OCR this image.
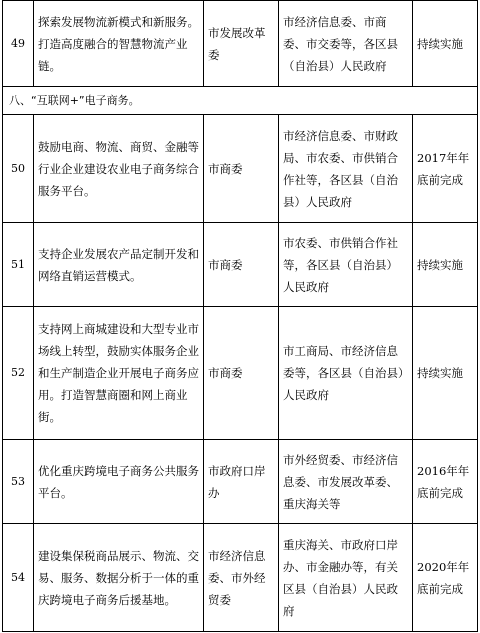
49	探索发展物流新模式和新服务。打造高度融合的智慧物流产业链。	市发展改革委	市经济信息委、市商委、市交委等，各区县（自治县）人民政府	持续实施
八、“互联网+”电子商务。				
50	鼓励电商、物流、商贸、金融等行业企业建设农业电子商务综合服务平台。	市商委	市经济信息委、市财政局、市农委、市供销合作社等，各区县（自治县）人民政府	2017年年底前完成
51	支持企业发展农产品定制开发和网络直销运营模式。	市商委	市农委、市供销合作社等，各区县（自治县）人民政府	持续实施
52	支持网上商城建设和大型专业市场线上转型，鼓励实体服务企业和生产制造企业开展电子商务应用。打造智慧商圈和网上商业街。	市商委	市工商局、市经济信息委等，各区县（自治县）人民政府	持续实施
53	优化重庆跨境电子商务公共服务平台。	市政府口岸办	市外经贸委、市经济信息委、市发展改革委、重庆海关等	2016年年底前完成
54	建设集保税商品展示、物流、交易、服务、数据分析于一体的重庆跨境电子商务后援基地。	市经济信息委、市外经贸委	重庆海关、市政府口岸办、市金融办等，有关区县（自治县）人民政府	2020年年底前完成
